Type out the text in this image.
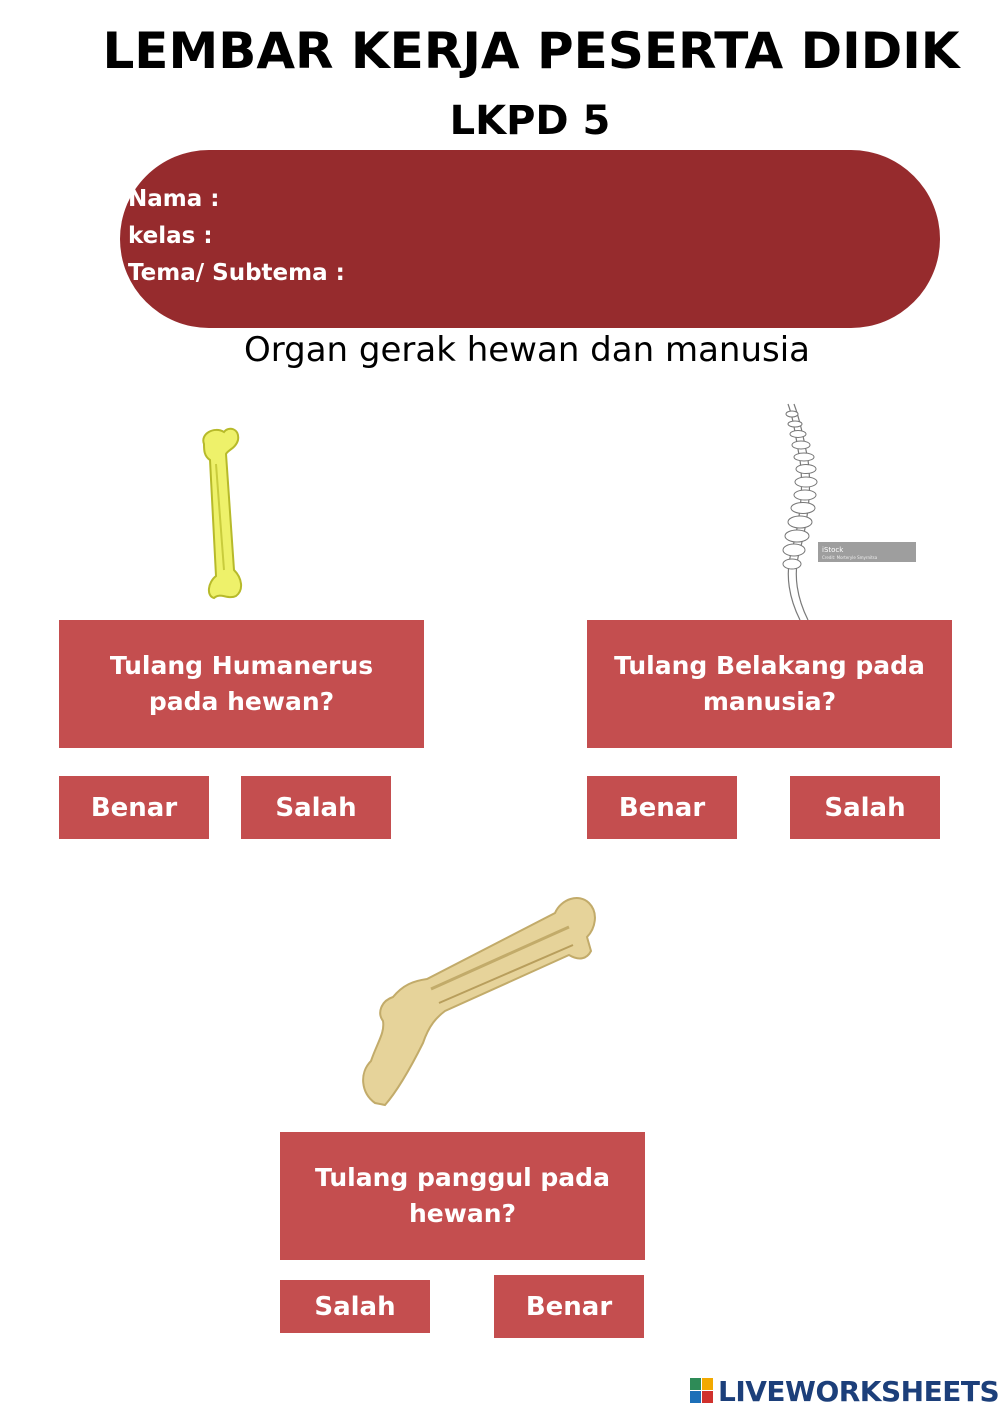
LEMBAR KERJA PESERTA DIDIK
LKPD 5
Nama :
kelas :
Tema/ Subtema :
Organ gerak hewan dan manusia
iStock
Credit: Morteryle Smyrnitsa
Tulang Humanerus pada hewan?
Benar	Salah
Tulang Belakang pada manusia?
Benar	Salah
Tulang panggul pada hewan?
Salah	Benar
LIVEWORKSHEETS
